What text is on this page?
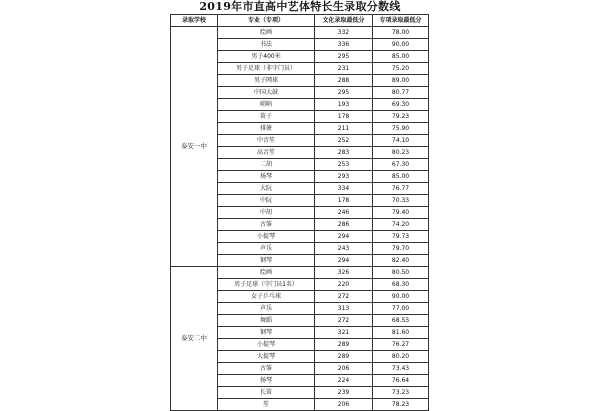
2019年市直高中艺体特长生录取分数线
录取学校	专业（专项）	文化录取最低分	专项录取最低分
泰安一中	绘画	332	78.00
	书法	336	90.00
	男子400米	295	85.00
	男子足球（非守门员）	231	75.20
	男子网球	288	89.00
	中国大鼓	295	80.77
	唢呐	193	69.30
	笛子	178	79.23
	排箫	211	75.90
	中音笙	252	74.10
	高音笙	283	80.23
	二胡	253	67.30
	扬琴	293	85.00
	大阮	334	76.77
	中阮	178	70.33
	中胡	246	79.40
	古筝	286	74.20
	小提琴	294	79.73
	声乐	243	79.70
	钢琴	294	82.40
泰安二中	绘画	326	80.50
	男子足球（守门员1名）	220	68.30
	女子乒乓球	272	90.00
	声乐	313	77.00
	舞蹈	272	68.53
	钢琴	321	81.60
	小提琴	289	76.27
	大提琴	289	80.20
	古筝	206	73.43
	扬琴	224	76.64
	长笛	239	73.23
	笙	206	78.23
